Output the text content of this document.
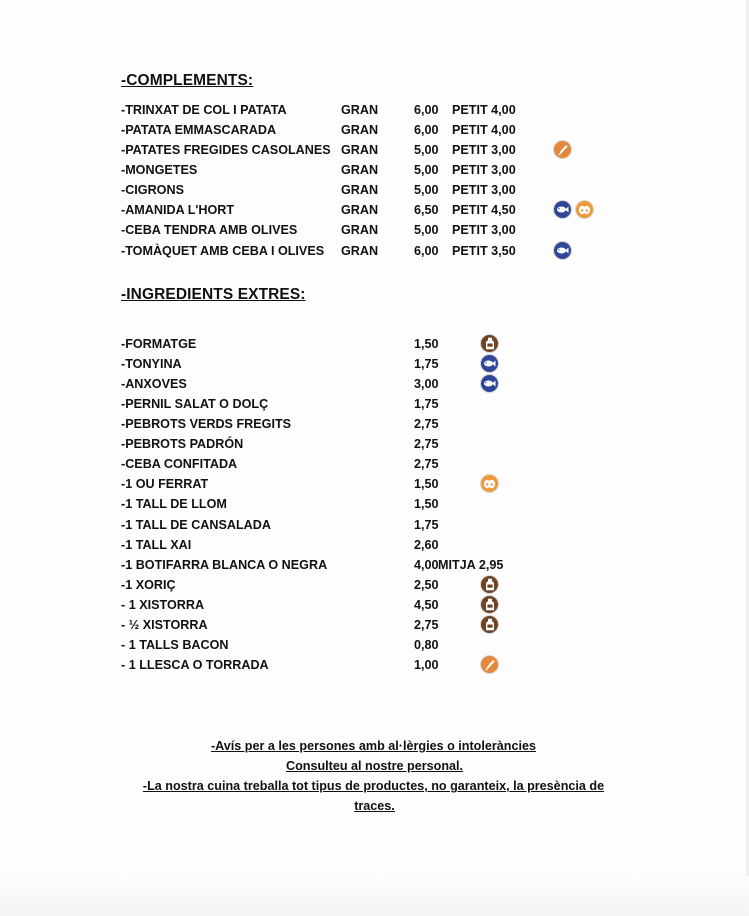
-COMPLEMENTS:
-TRINXAT DE COL I PATATA	GRAN	6,00 PETIT 4,00
-PATATA EMMASCARADA	GRAN	6,00 PETIT 4,00
-PATATES FREGIDES CASOLANES GRAN	5,00 PETIT 3,00
-MONGETES	GRAN	5,00 PETIT 3,00
-CIGRONS	GRAN	5,00 PETIT 3,00
-AMANIDA L'HORT	GRAN	6,50 PETIT 4,50
-CEBA TENDRA AMB OLIVES	GRAN	5,00 PETIT 3,00
-TOMÀQUET AMB CEBA I OLIVES GRAN	6,00 PETIT 3,50
-INGREDIENTS EXTRES:
-FORMATGE	1,50
-TONYINA	1,75
-ANXOVES	3,00
-PERNIL SALAT O DOLÇ	1,75
-PEBROTS VERDS FREGITS	2,75
-PEBROTS PADRÓN	2,75
-CEBA CONFITADA	2,75
-1 OU FERRAT	1,50
-1 TALL DE LLOM	1,50
-1 TALL DE CANSALADA	1,75
-1 TALL XAI	2,60
-1 BOTIFARRA BLANCA O NEGRA	4,00 MITJA 2,95
-1 XORIÇ	2,50
- 1 XISTORRA	4,50
- ½ XISTORRA	2,75
- 1 TALLS BACON	0,80
- 1 LLESCA O TORRADA	1,00
-Avís per a les persones amb al·lèrgies o intoleràncies
Consulteu al nostre personal.
-La nostra cuina treballa tot tipus de productes, no garanteix, la presència de
traces.
